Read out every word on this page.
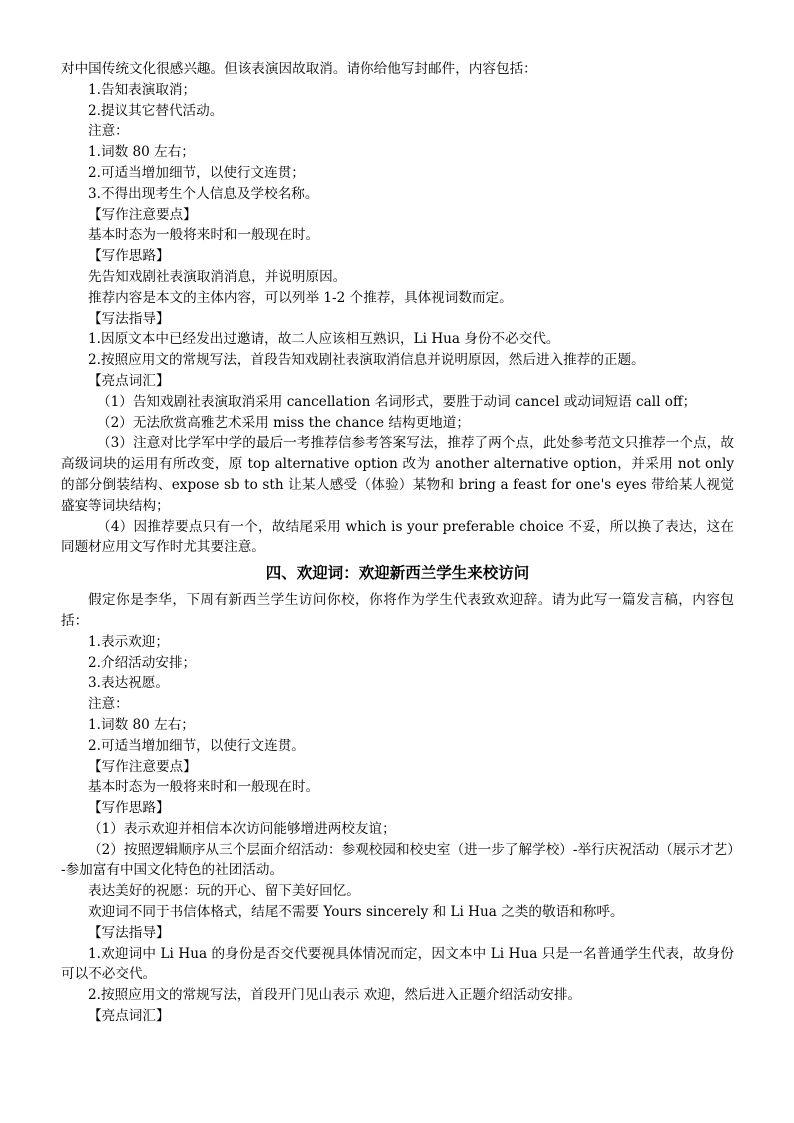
对中国传统文化很感兴趣。但该表演因故取消。请你给他写封邮件，内容包括：
1.告知表演取消；
2.提议其它替代活动。
注意：
1.词数 80 左右；
2.可适当增加细节，以使行文连贯；
3.不得出现考生个人信息及学校名称。
【写作注意要点】
基本时态为一般将来时和一般现在时。
【写作思路】
先告知戏剧社表演取消消息，并说明原因。
推荐内容是本文的主体内容，可以列举 1-2 个推荐，具体视词数而定。
【写法指导】
1.因原文本中已经发出过邀请，故二人应该相互熟识，Li Hua 身份不必交代。
2.按照应用文的常规写法，首段告知戏剧社表演取消信息并说明原因，然后进入推荐的正题。
【亮点词汇】
（1）告知戏剧社表演取消采用 cancellation 名词形式，要胜于动词 cancel 或动词短语 call off；
（2）无法欣赏高雅艺术采用 miss the chance 结构更地道；
（3）注意对比学军中学的最后一考推荐信参考答案写法，推荐了两个点，此处参考范文只推荐一个点，故高级词块的运用有所改变，原 top alternative option 改为 another alternative option，并采用 not only 的部分倒装结构、expose sb to sth 让某人感受（体验）某物和 bring a feast for one's eyes 带给某人视觉盛宴等词块结构；
（4）因推荐要点只有一个，故结尾采用 which is your preferable choice 不妥，所以换了表达，这在同题材应用文写作时尤其要注意。
四、欢迎词：欢迎新西兰学生来校访问
假定你是李华，下周有新西兰学生访问你校，你将作为学生代表致欢迎辞。请为此写一篇发言稿，内容包括：
1.表示欢迎；
2.介绍活动安排；
3.表达祝愿。
注意：
1.词数 80 左右；
2.可适当增加细节，以使行文连贯。
【写作注意要点】
基本时态为一般将来时和一般现在时。
【写作思路】
（1）表示欢迎并相信本次访问能够增进两校友谊；
（2）按照逻辑顺序从三个层面介绍活动：参观校园和校史室（进一步了解学校）-举行庆祝活动（展示才艺）-参加富有中国文化特色的社团活动。
表达美好的祝愿：玩的开心、留下美好回忆。
欢迎词不同于书信体格式，结尾不需要 Yours sincerely 和 Li Hua 之类的敬语和称呼。
【写法指导】
1.欢迎词中 Li Hua 的身份是否交代要视具体情况而定，因文本中 Li Hua 只是一名普通学生代表，故身份可以不必交代。
2.按照应用文的常规写法，首段开门见山表示 欢迎，然后进入正题介绍活动安排。
【亮点词汇】
